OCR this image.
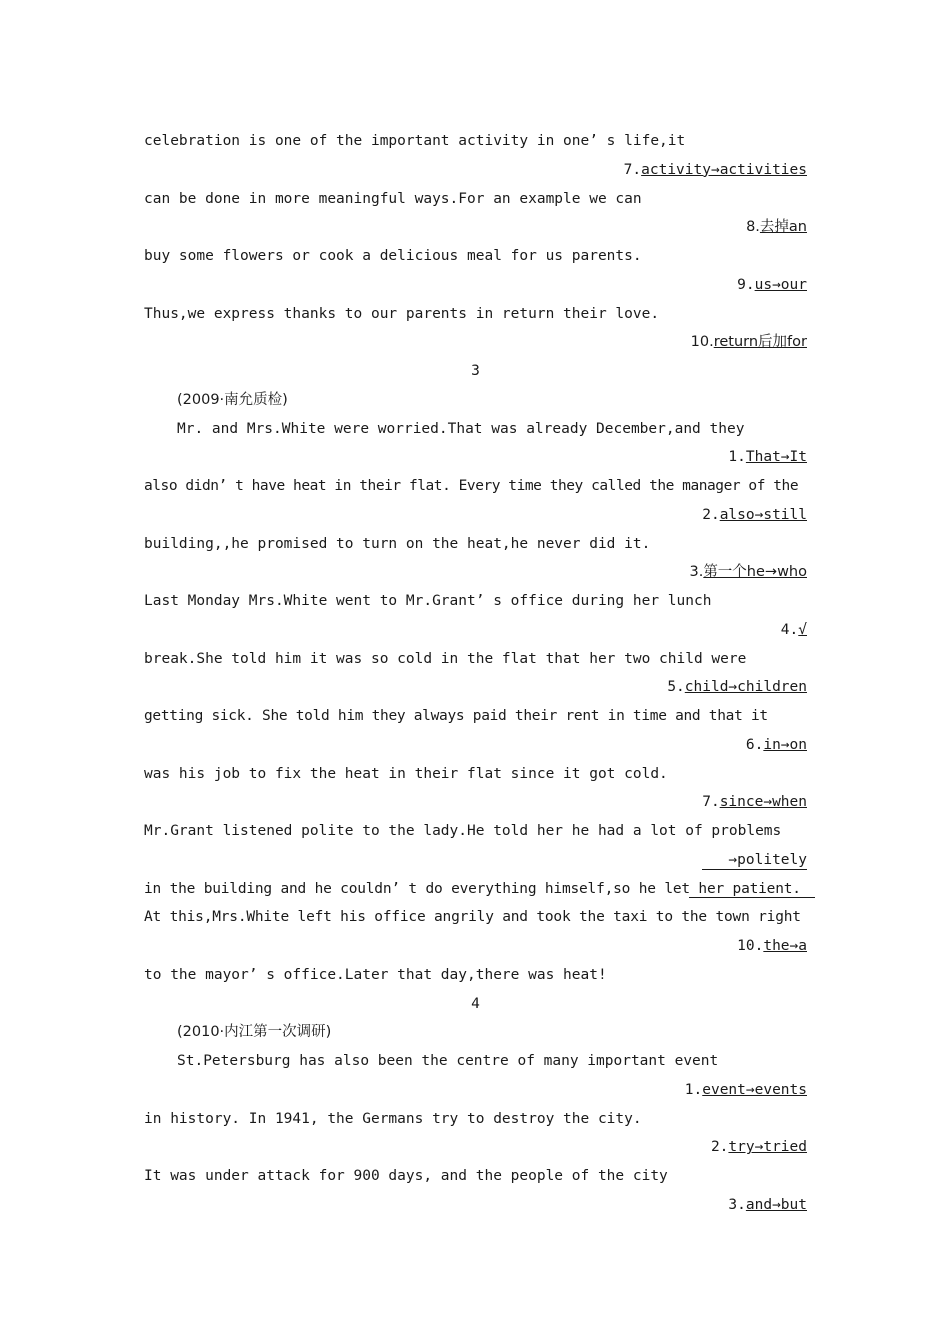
celebration is one of the important activity in one’ s life,it
7.activity→activities
can be done in more meaningful ways.For an example we can
8.去掉an
buy some flowers or cook a delicious meal for us parents.
9.us→our
Thus,we express thanks to our parents in return their love.
10.return后加for
3
(2009·南允质检)
Mr. and Mrs.White were worried.That was already December,and they
1.That→It
also didn’ t have heat in their flat. Every time they called the manager of the
2.also→still
building,,he promised to turn on the heat,he never did it.
3.第一个he→who
Last Monday Mrs.White went to Mr.Grant’ s office during her lunch
4.√
break.She told him it was so cold in the flat that her two child were
5.child→children
getting sick. She told him they always paid their rent in time and that it
6.in→on
was his job to fix the heat in their flat since it got cold.
7.since→when
Mr.Grant listened polite to the lady.He told her he had a lot of problems
→politely
in the building and he couldn’ t do everything himself,so he let her patient.
At this,Mrs.White left his office angrily and took the taxi to the town right
10.the→a
to the mayor’ s office.Later that day,there was heat!
4
(2010·内江第一次调研)
St.Petersburg has also been the centre of many important event
1.event→events
in history. In 1941, the Germans try to destroy the city.
2.try→tried
It was under attack for 900 days, and the people of the city
3.and→but
